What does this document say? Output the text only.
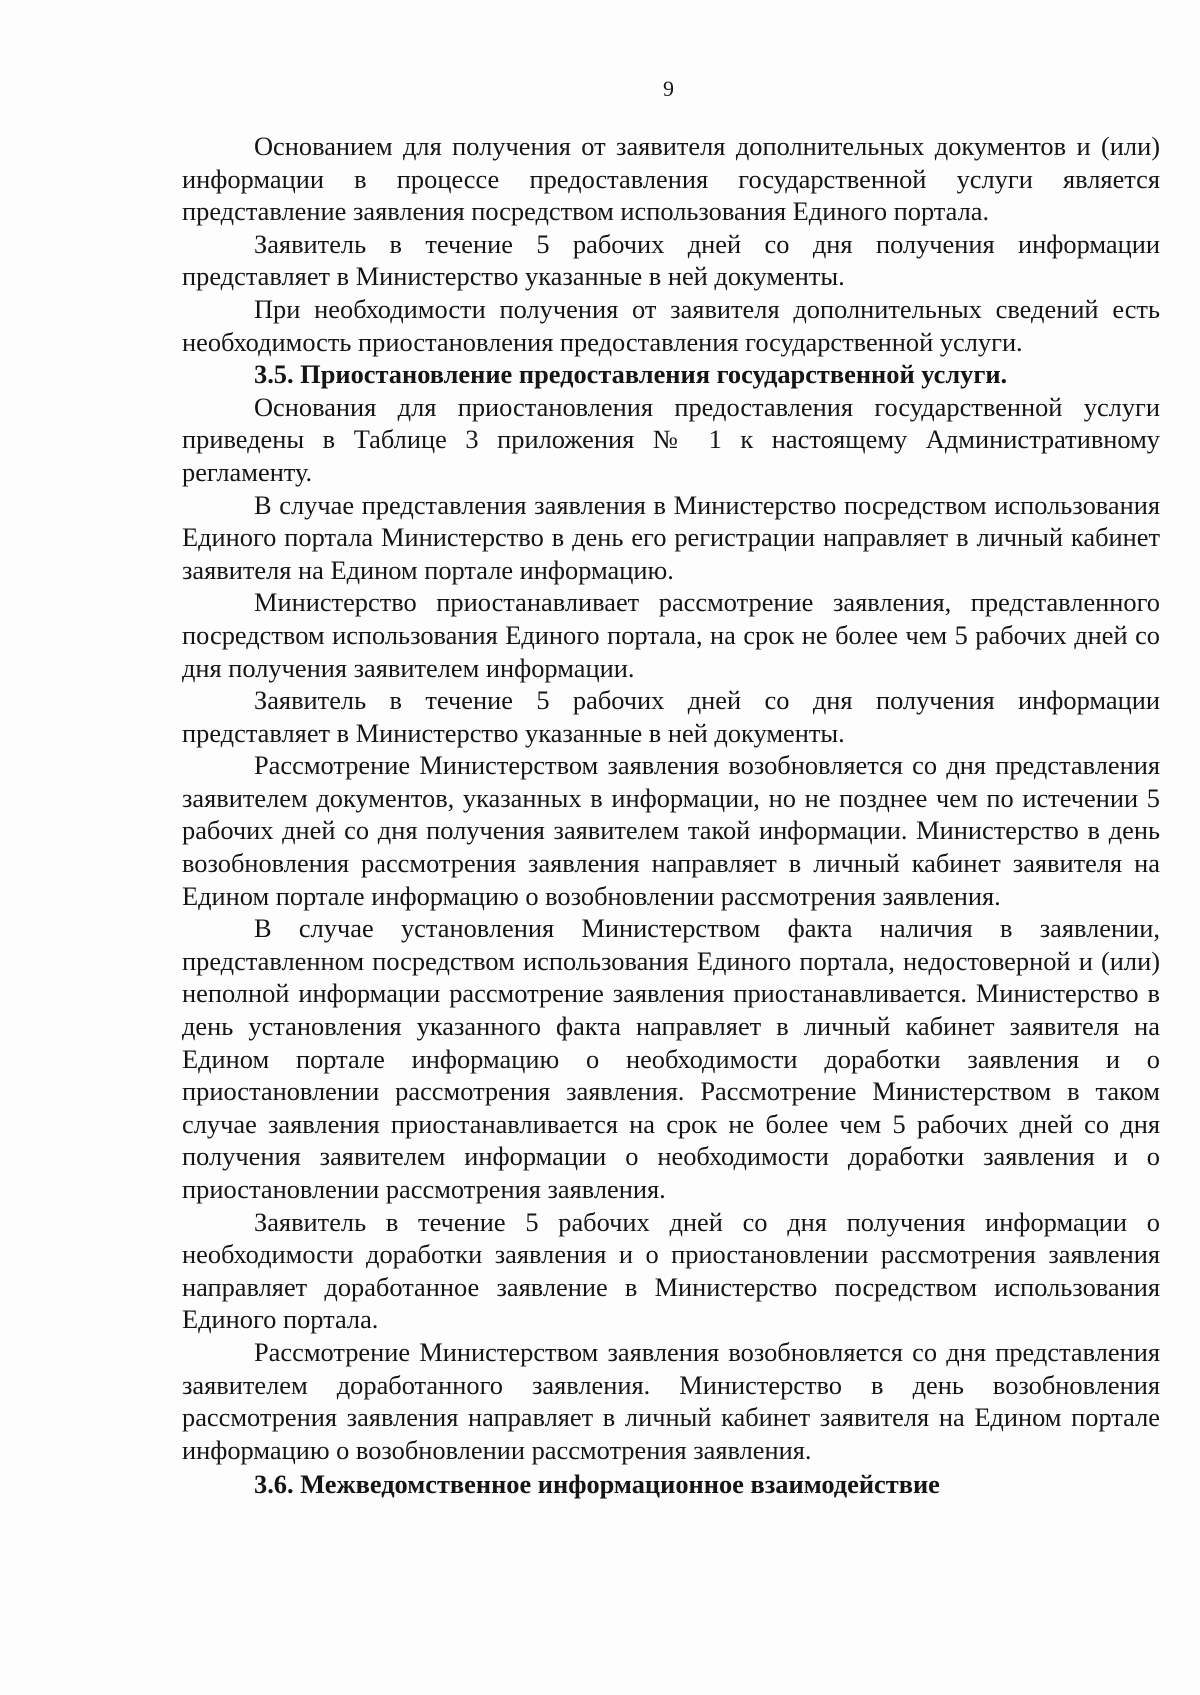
9

Основанием для получения от заявителя дополнительных документов и (или) информации в процессе предоставления государственной услуги является представление заявления посредством использования Единого портала.

Заявитель в течение 5 рабочих дней со дня получения информации представляет в Министерство указанные в ней документы.

При необходимости получения от заявителя дополнительных сведений есть необходимость приостановления предоставления государственной услуги.

3.5. Приостановление предоставления государственной услуги.

Основания для приостановления предоставления государственной услуги приведены в Таблице 3 приложения № 1 к настоящему Административному регламенту.

В случае представления заявления в Министерство посредством использования Единого портала Министерство в день его регистрации направляет в личный кабинет заявителя на Едином портале информацию.

Министерство приостанавливает рассмотрение заявления, представленного посредством использования Единого портала, на срок не более чем 5 рабочих дней со дня получения заявителем информации.

Заявитель в течение 5 рабочих дней со дня получения информации представляет в Министерство указанные в ней документы.

Рассмотрение Министерством заявления возобновляется со дня представления заявителем документов, указанных в информации, но не позднее чем по истечении 5 рабочих дней со дня получения заявителем такой информации. Министерство в день возобновления рассмотрения заявления направляет в личный кабинет заявителя на Едином портале информацию о возобновлении рассмотрения заявления.

В случае установления Министерством факта наличия в заявлении, представленном посредством использования Единого портала, недостоверной и (или) неполной информации рассмотрение заявления приостанавливается. Министерство в день установления указанного факта направляет в личный кабинет заявителя на Едином портале информацию о необходимости доработки заявления и о приостановлении рассмотрения заявления. Рассмотрение Министерством в таком случае заявления приостанавливается на срок не более чем 5 рабочих дней со дня получения заявителем информации о необходимости доработки заявления и о приостановлении рассмотрения заявления.

Заявитель в течение 5 рабочих дней со дня получения информации о необходимости доработки заявления и о приостановлении рассмотрения заявления направляет доработанное заявление в Министерство посредством использования Единого портала.

Рассмотрение Министерством заявления возобновляется со дня представления заявителем доработанного заявления. Министерство в день возобновления рассмотрения заявления направляет в личный кабинет заявителя на Едином портале информацию о возобновлении рассмотрения заявления.

3.6. Межведомственное информационное взаимодействие
